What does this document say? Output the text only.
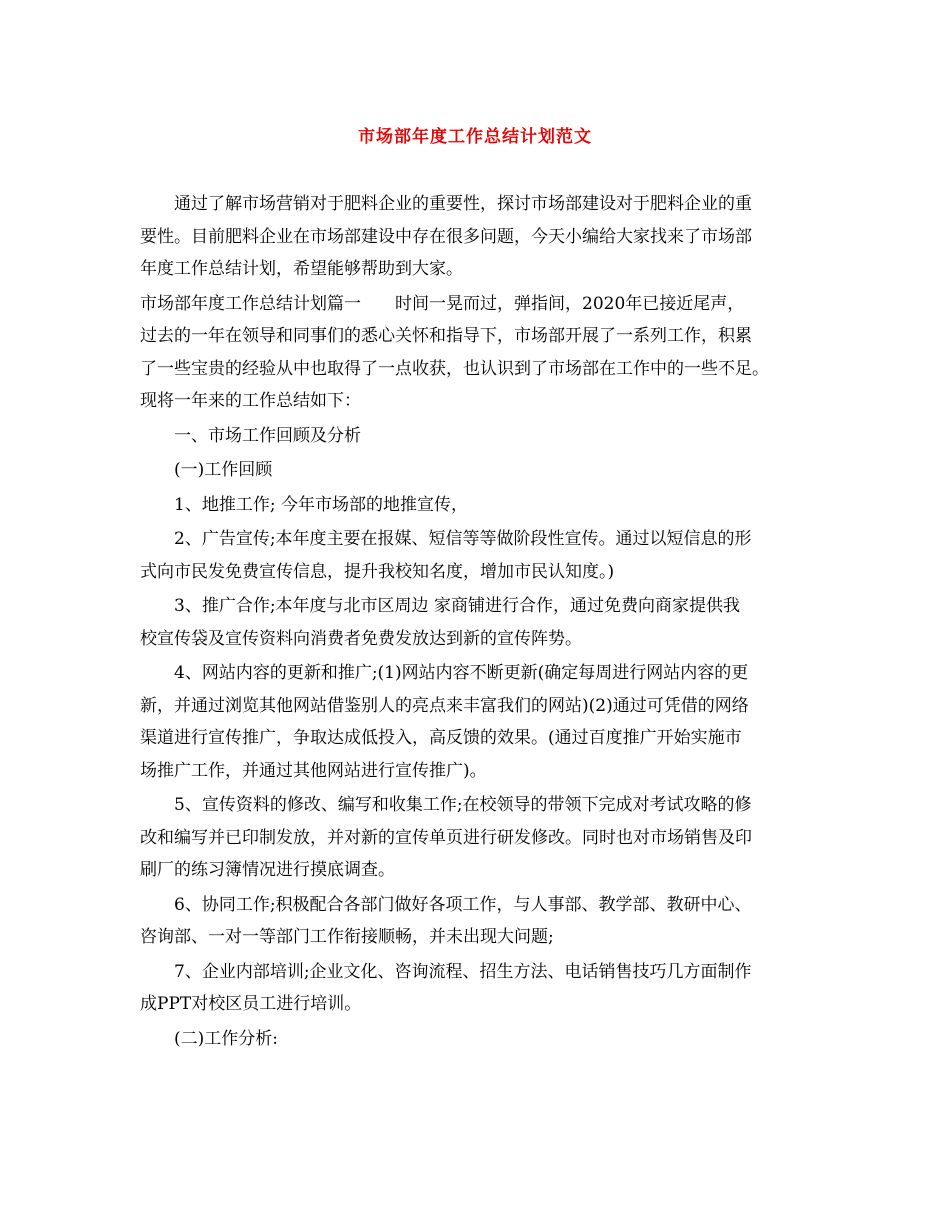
市场部年度工作总结计划范文
通过了解市场营销对于肥料企业的重要性，探讨市场部建设对于肥料企业的重
要性。目前肥料企业在市场部建设中存在很多问题，今天小编给大家找来了市场部
年度工作总结计划，希望能够帮助到大家。
市场部年度工作总结计划篇一　　时间一晃而过，弹指间，2020年已接近尾声，
过去的一年在领导和同事们的悉心关怀和指导下，市场部开展了一系列工作，积累
了一些宝贵的经验从中也取得了一点收获，也认识到了市场部在工作中的一些不足。
现将一年来的工作总结如下：
一、市场工作回顾及分析
(一)工作回顾
1、地推工作; 今年市场部的地推宣传，
2、广告宣传;本年度主要在报媒、短信等等做阶段性宣传。通过以短信息的形
式向市民发免费宣传信息，提升我校知名度，增加市民认知度。)
3、推广合作;本年度与北市区周边 家商铺进行合作，通过免费向商家提供我
校宣传袋及宣传资料向消费者免费发放达到新的宣传阵势。
4、网站内容的更新和推广;(1)网站内容不断更新(确定每周进行网站内容的更
新，并通过浏览其他网站借鉴别人的亮点来丰富我们的网站)(2)通过可凭借的网络
渠道进行宣传推广，争取达成低投入，高反馈的效果。(通过百度推广开始实施市
场推广工作，并通过其他网站进行宣传推广)。
5、宣传资料的修改、编写和收集工作;在校领导的带领下完成对考试攻略的修
改和编写并已印制发放，并对新的宣传单页进行研发修改。同时也对市场销售及印
刷厂的练习簿情况进行摸底调查。
6、协同工作;积极配合各部门做好各项工作，与人事部、教学部、教研中心、
咨询部、一对一等部门工作衔接顺畅，并未出现大问题;
7、企业内部培训;企业文化、咨询流程、招生方法、电话销售技巧几方面制作
成PPT对校区员工进行培训。
(二)工作分析:
